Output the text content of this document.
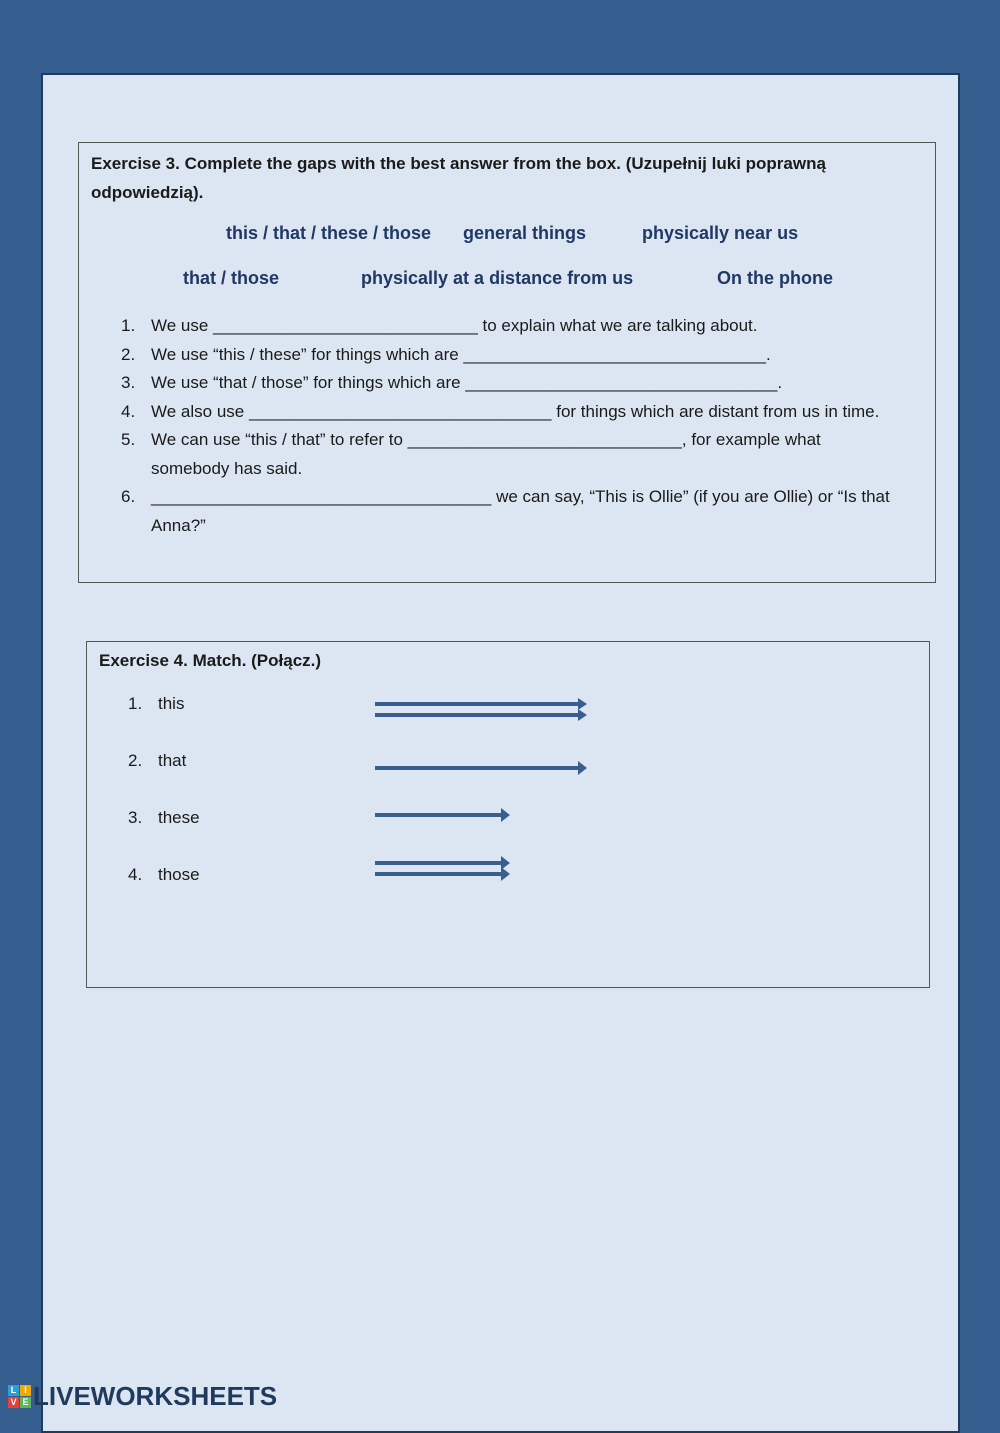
Exercise 3. Complete the gaps with the best answer from the box. (Uzupełnij luki poprawną odpowiedzią).

this / that / these / those general things	physically near us
that / those	physically at a distance from us	On the phone
1. We use ____________________________ to explain what we are talking about.
2. We use “this / these” for things which are ________________________________.
3. We use “that / those” for things which are _________________________________.
4. We also use ________________________________ for things which are distant from us in time.
5. We can use “this / that” to refer to _____________________________, for example what somebody has said.
6. ____________________________________ we can say, “This is Ollie” (if you are Ollie) or “Is that Anna?”

Exercise 4. Match. (Połącz.)

1. this
2. that
3. these
4. those
L I
V E LIVEWORKSHEETS
